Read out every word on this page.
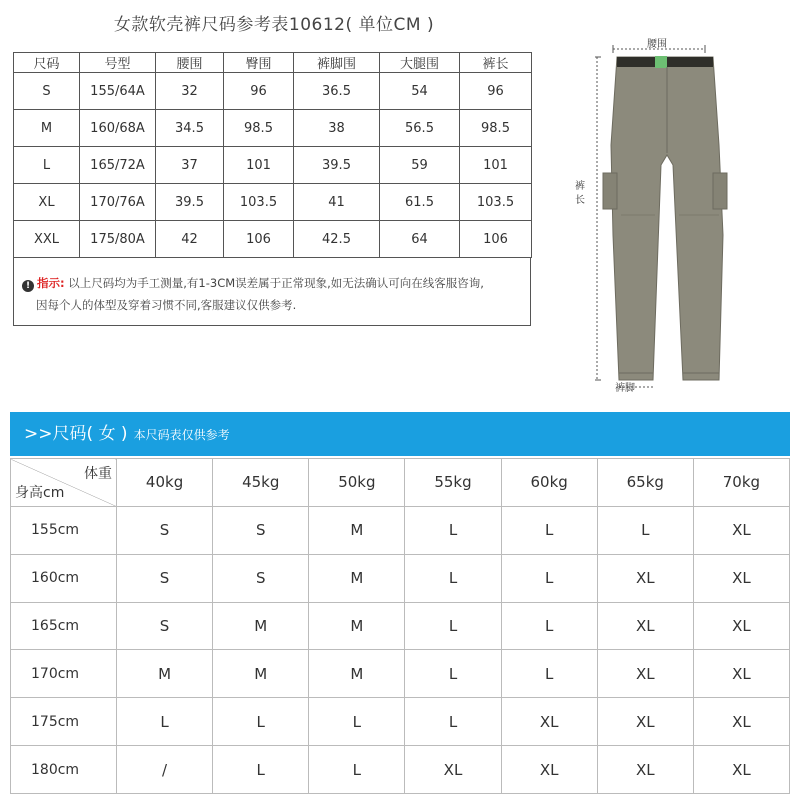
女款软壳裤尺码参考表10612( 单位CM )
尺码	号型	腰围	臀围	裤脚围	大腿围	裤长
S	155/64A	32	96	36.5	54	96
M	160/68A	34.5	98.5	38	56.5	98.5
L	165/72A	37	101	39.5	59	101
XL	170/76A	39.5	103.5	41	61.5	103.5
XXL	175/80A	42	106	42.5	64	106
! 指示: 以上尺码均为手工测量,有1-3CM误差属于正常现象,如无法确认可向在线客服咨询,
因每个人的体型及穿着习惯不同,客服建议仅供参考.
腰围
裤
长
裤脚
>>尺码( 女 ) 本尺码表仅供参考
体重
身高cm	40kg	45kg	50kg	55kg	60kg	65kg	70kg
155cm	S	S	M	L	L	L	XL
160cm	S	S	M	L	L	XL	XL
165cm	S	M	M	L	L	XL	XL
170cm	M	M	M	L	L	XL	XL
175cm	L	L	L	L	XL	XL	XL
180cm	/	L	L	XL	XL	XL	XL
